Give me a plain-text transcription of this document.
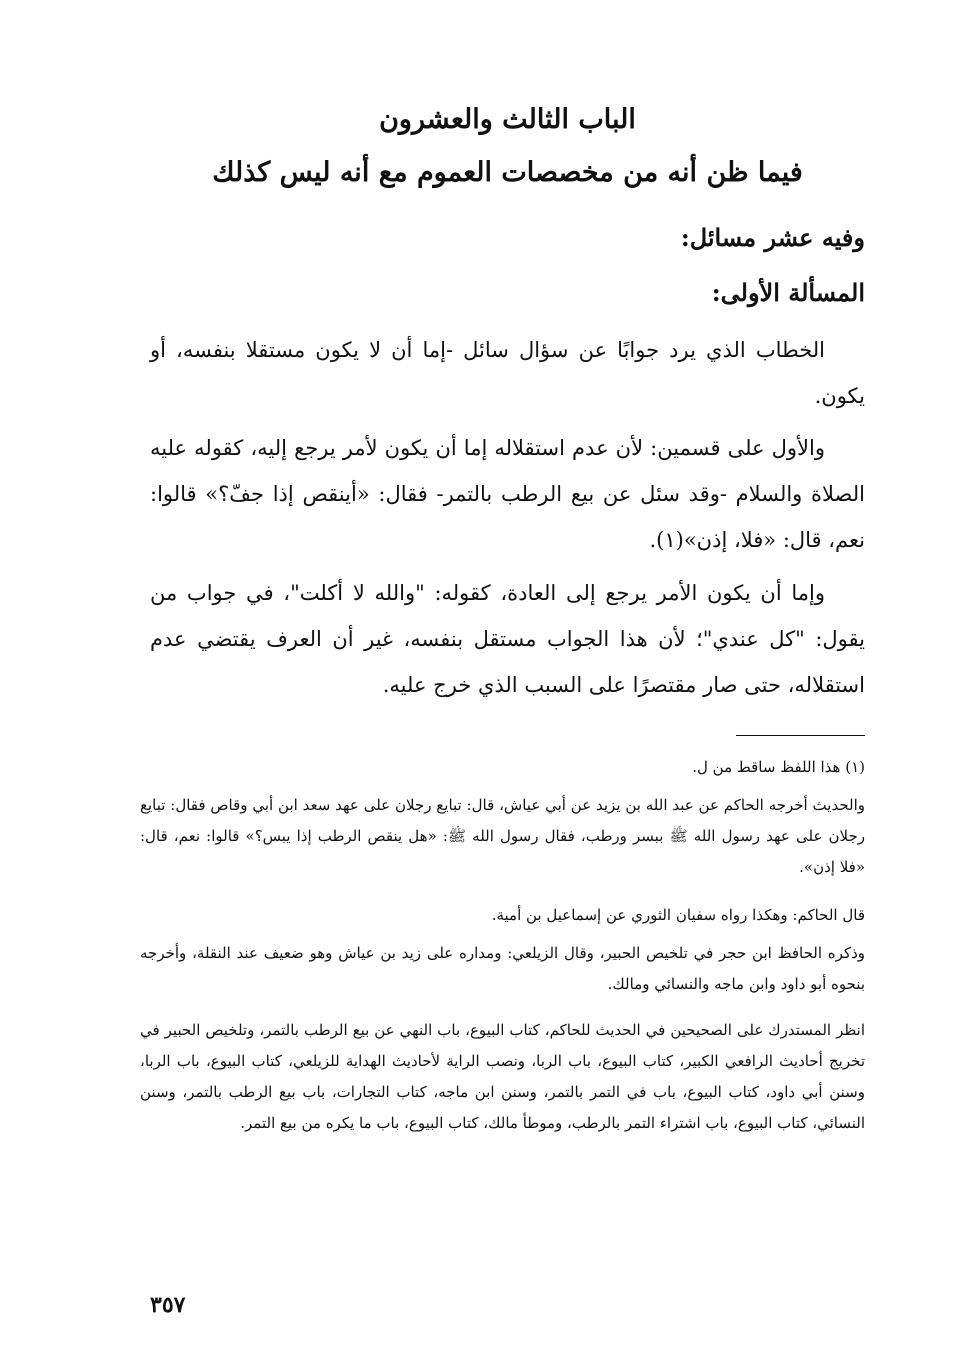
الباب الثالث والعشرون
فيما ظن أنه من مخصصات العموم مع أنه ليس كذلك
وفيه عشر مسائل:
المسألة الأولى:
الخطاب الذي يرد جوابًا عن سؤال سائل -إما أن لا يكون مستقلا بنفسه، أو يكون.
والأول على قسمين: لأن عدم استقلاله إما أن يكون لأمر يرجع إليه، كقوله عليه الصلاة والسلام -وقد سئل عن بيع الرطب بالتمر- فقال: «أينقص إذا جفّ؟» قالوا: نعم، قال: «فلا، إذن»(١).
وإما أن يكون الأمر يرجع إلى العادة، كقوله: "والله لا أكلت"، في جواب من يقول: "كل عندي"؛ لأن هذا الجواب مستقل بنفسه، غير أن العرف يقتضي عدم استقلاله، حتى صار مقتصرًا على السبب الذي خرج عليه.
(١) هذا اللفظ ساقط من ل.
والحديث أخرجه الحاكم عن عبد الله بن يزيد عن أبي عياش، قال: تبايع رجلان على عهد سعد ابن أبي وقاص فقال: تبايع رجلان على عهد رسول الله ﷺ ببسر ورطب، فقال رسول الله ﷺ: «هل ينقص الرطب إذا يبس؟» قالوا: نعم، قال: «فلا إذن».
قال الحاكم: وهكذا رواه سفيان الثوري عن إسماعيل بن أمية.
وذكره الحافظ ابن حجر في تلخيص الحبير، وقال الزيلعي: ومداره على زيد بن عياش وهو ضعيف عند النقلة، وأخرجه بنحوه أبو داود وابن ماجه والنسائي ومالك.
انظر المستدرك على الصحيحين في الحديث للحاكم، كتاب البيوع، باب النهي عن بيع الرطب بالتمر، وتلخيص الحبير في تخريج أحاديث الرافعي الكبير، كتاب البيوع، باب الربا، ونصب الراية لأحاديث الهداية للزيلعي، كتاب البيوع، باب الربا، وسنن أبي داود، كتاب البيوع، باب في التمر بالتمر، وسنن ابن ماجه، كتاب التجارات، باب بيع الرطب بالتمر، وسنن النسائي، كتاب البيوع، باب اشتراء التمر بالرطب، وموطأ مالك، كتاب البيوع، باب ما يكره من بيع التمر.
٣٥٧
